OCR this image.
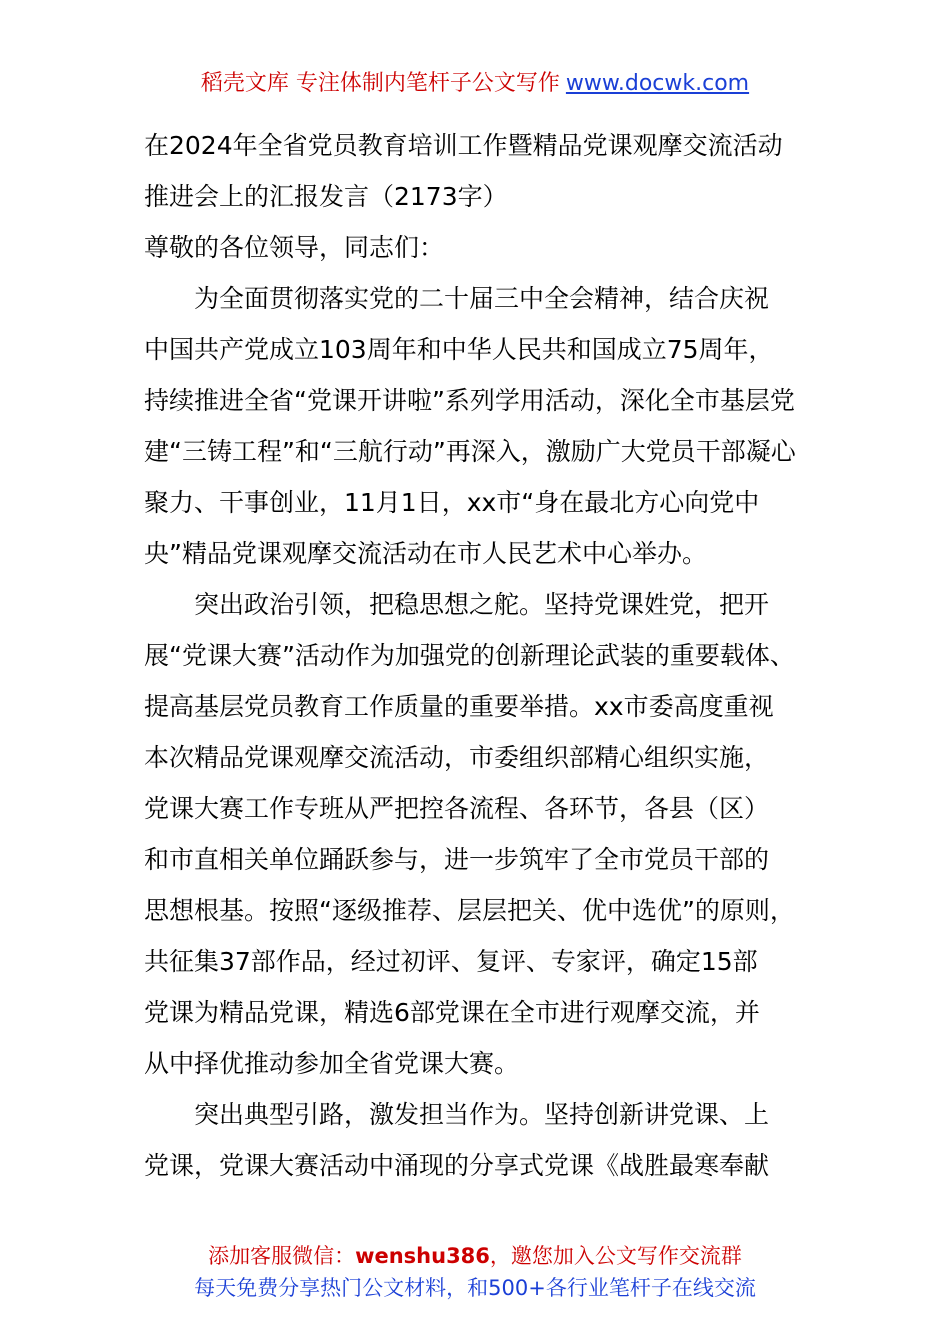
稻壳文库 专注体制内笔杆子公文写作 www.docwk.com
在2024年全省党员教育培训工作暨精品党课观摩交流活动
推进会上的汇报发言（2173字）
尊敬的各位领导，同志们：
为全面贯彻落实党的二十届三中全会精神，结合庆祝
中国共产党成立103周年和中华人民共和国成立75周年，
持续推进全省“党课开讲啦”系列学用活动，深化全市基层党
建“三铸工程”和“三航行动”再深入，激励广大党员干部凝心
聚力、干事创业，11月1日，xx市“身在最北方心向党中
央”精品党课观摩交流活动在市人民艺术中心举办。
突出政治引领，把稳思想之舵。坚持党课姓党，把开
展“党课大赛”活动作为加强党的创新理论武装的重要载体、
提高基层党员教育工作质量的重要举措。xx市委高度重视
本次精品党课观摩交流活动，市委组织部精心组织实施，
党课大赛工作专班从严把控各流程、各环节，各县（区）
和市直相关单位踊跃参与，进一步筑牢了全市党员干部的
思想根基。按照“逐级推荐、层层把关、优中选优”的原则，
共征集37部作品，经过初评、复评、专家评，确定15部
党课为精品党课，精选6部党课在全市进行观摩交流，并
从中择优推动参加全省党课大赛。
突出典型引路，激发担当作为。坚持创新讲党课、上
党课，党课大赛活动中涌现的分享式党课《战胜最寒奉献
添加客服微信：wenshu386，邀您加入公文写作交流群
每天免费分享热门公文材料，和500+各行业笔杆子在线交流
